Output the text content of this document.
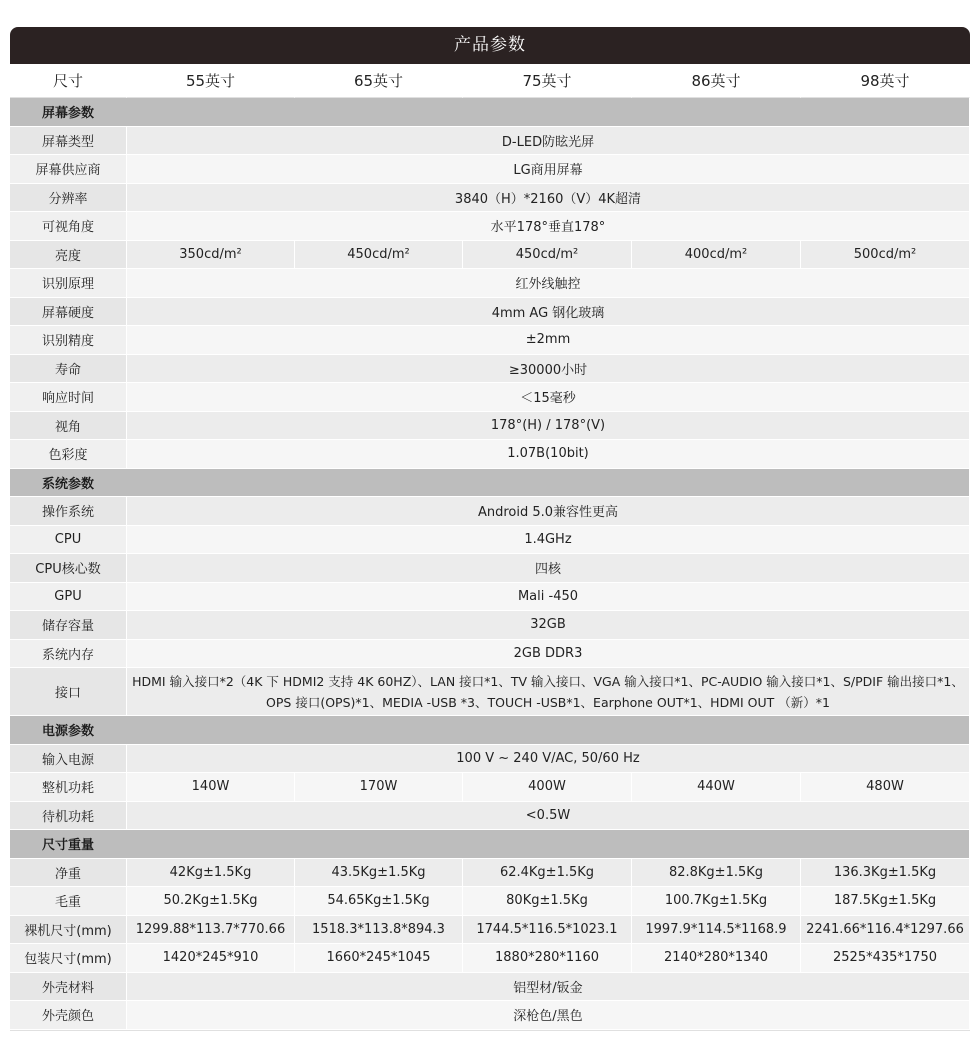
产品参数
尺寸	55英寸	65英寸	75英寸	86英寸	98英寸
屏幕参数					
屏幕类型	D-LED防眩光屏				
屏幕供应商	LG商用屏幕				
分辨率	3840（H）*2160（V）4K超清				
可视角度	水平178°垂直178°				
亮度	350cd/m²	450cd/m²	450cd/m²	400cd/m²	500cd/m²
识别原理	红外线触控				
屏幕硬度	4mm AG 钢化玻璃				
识别精度	±2mm				
寿命	≥30000小时				
响应时间	＜15毫秒				
视角	178°(H) / 178°(V)				
色彩度	1.07B(10bit)				
系统参数					
操作系统	Android 5.0兼容性更高				
CPU	1.4GHz				
CPU核心数	四核				
GPU	Mali -450				
储存容量	32GB				
系统内存	2GB DDR3				
接口	HDMI 输入接口*2（4K 下 HDMI2 支持 4K 60HZ）、LAN 接口*1、TV 输入接口、VGA 输入接口*1、PC-AUDIO 输入接口*1、S/PDIF 输出接口*1、OPS 接口(OPS)*1、MEDIA -USB *3、TOUCH -USB*1、Earphone OUT*1、HDMI OUT （新）*1				
电源参数					
输入电源	100 V ~ 240 V/AC, 50/60 Hz				
整机功耗	140W	170W	400W	440W	480W
待机功耗	<0.5W				
尺寸重量					
净重	42Kg±1.5Kg	43.5Kg±1.5Kg	62.4Kg±1.5Kg	82.8Kg±1.5Kg	136.3Kg±1.5Kg
毛重	50.2Kg±1.5Kg	54.65Kg±1.5Kg	80Kg±1.5Kg	100.7Kg±1.5Kg	187.5Kg±1.5Kg
裸机尺寸(mm)	1299.88*113.7*770.66	1518.3*113.8*894.3	1744.5*116.5*1023.1	1997.9*114.5*1168.9	2241.66*116.4*1297.66
包装尺寸(mm)	1420*245*910	1660*245*1045	1880*280*1160	2140*280*1340	2525*435*1750
外壳材料	铝型材/钣金				
外壳颜色	深枪色/黑色				
